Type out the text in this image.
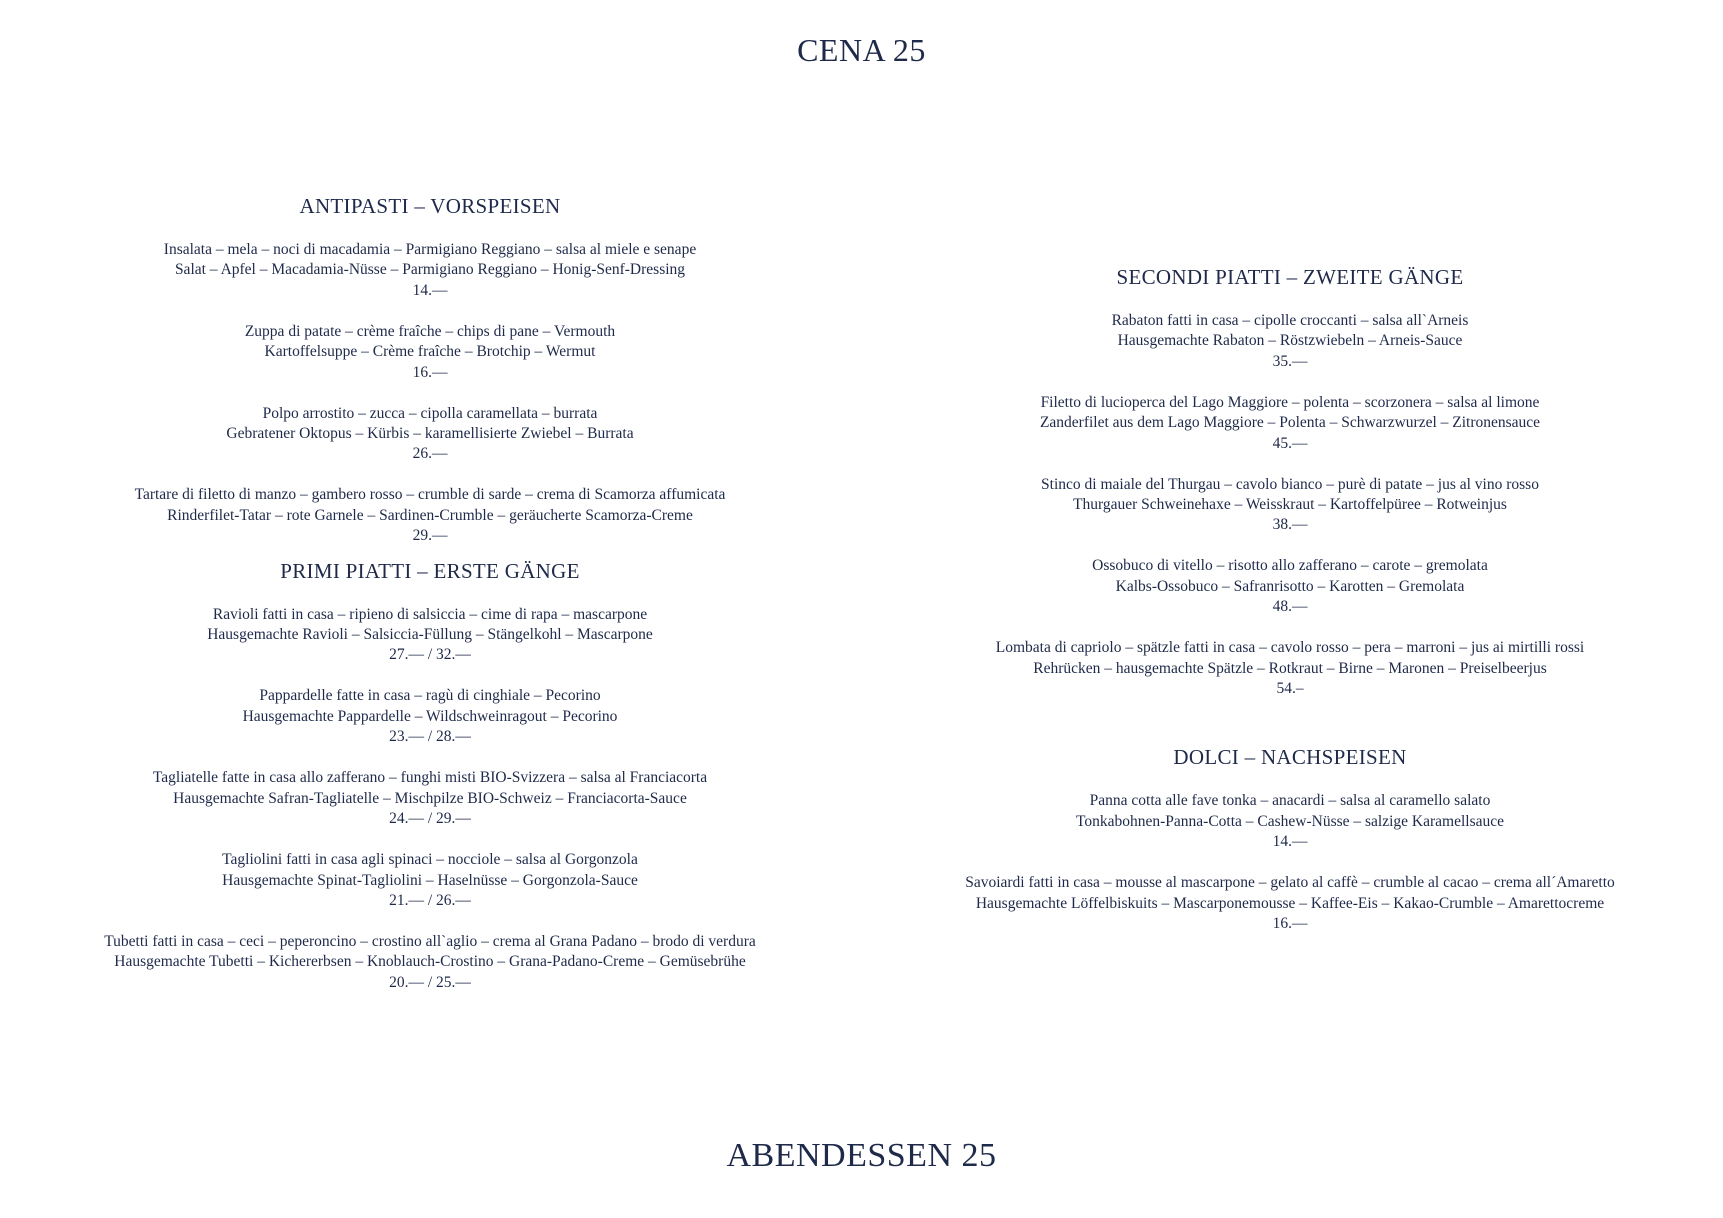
CENA 25
ANTIPASTI – VORSPEISEN
Insalata – mela – noci di macadamia – Parmigiano Reggiano – salsa al miele e senape
Salat – Apfel – Macadamia-Nüsse – Parmigiano Reggiano – Honig-Senf-Dressing
14.—
Zuppa di patate – crème fraîche – chips di pane – Vermouth
Kartoffelsuppe – Crème fraîche – Brotchip – Wermut
16.—
Polpo arrostito – zucca – cipolla caramellata – burrata
Gebratener Oktopus – Kürbis – karamellisierte Zwiebel – Burrata
26.—
Tartare di filetto di manzo – gambero rosso – crumble di sarde – crema di Scamorza affumicata
Rinderfilet-Tatar – rote Garnele – Sardinen-Crumble – geräucherte Scamorza-Creme
29.—
PRIMI PIATTI – ERSTE GÄNGE
Ravioli fatti in casa – ripieno di salsiccia – cime di rapa – mascarpone
Hausgemachte Ravioli – Salsiccia-Füllung – Stängelkohl – Mascarpone
27.— / 32.—
Pappardelle fatte in casa – ragù di cinghiale – Pecorino
Hausgemachte Pappardelle – Wildschweinragout – Pecorino
23.— / 28.—
Tagliatelle fatte in casa allo zafferano – funghi misti BIO-Svizzera – salsa al Franciacorta
Hausgemachte Safran-Tagliatelle – Mischpilze BIO-Schweiz – Franciacorta-Sauce
24.— / 29.—
Tagliolini fatti in casa agli spinaci – nocciole – salsa al Gorgonzola
Hausgemachte Spinat-Tagliolini – Haselnüsse – Gorgonzola-Sauce
21.— / 26.—
Tubetti fatti in casa – ceci – peperoncino – crostino all`aglio – crema al Grana Padano – brodo di verdura
Hausgemachte Tubetti – Kichererbsen – Knoblauch-Crostino – Grana-Padano-Creme – Gemüsebrühe
20.— / 25.—
SECONDI PIATTI – ZWEITE GÄNGE
Rabaton fatti in casa – cipolle croccanti – salsa all`Arneis
Hausgemachte Rabaton – Röstzwiebeln – Arneis-Sauce
35.—
Filetto di lucioperca del Lago Maggiore – polenta – scorzonera – salsa al limone
Zanderfilet aus dem Lago Maggiore – Polenta – Schwarzwurzel – Zitronensauce
45.—
Stinco di maiale del Thurgau – cavolo bianco – purè di patate – jus al vino rosso
Thurgauer Schweinehaxe – Weisskraut – Kartoffelpüree – Rotweinjus
38.—
Ossobuco di vitello – risotto allo zafferano – carote – gremolata
Kalbs-Ossobuco – Safranrisotto – Karotten – Gremolata
48.—
Lombata di capriolo – spätzle fatti in casa – cavolo rosso – pera – marroni – jus ai mirtilli rossi
Rehrücken – hausgemachte Spätzle – Rotkraut – Birne – Maronen – Preiselbeerjus
54.–
DOLCI – NACHSPEISEN
Panna cotta alle fave tonka – anacardi – salsa al caramello salato
Tonkabohnen-Panna-Cotta – Cashew-Nüsse – salzige Karamellsauce
14.—
Savoiardi fatti in casa – mousse al mascarpone – gelato al caffè – crumble al cacao – crema all´Amaretto
Hausgemachte Löffelbiskuits – Mascarponemousse – Kaffee-Eis – Kakao-Crumble – Amarettocreme
16.—
ABENDESSEN 25
